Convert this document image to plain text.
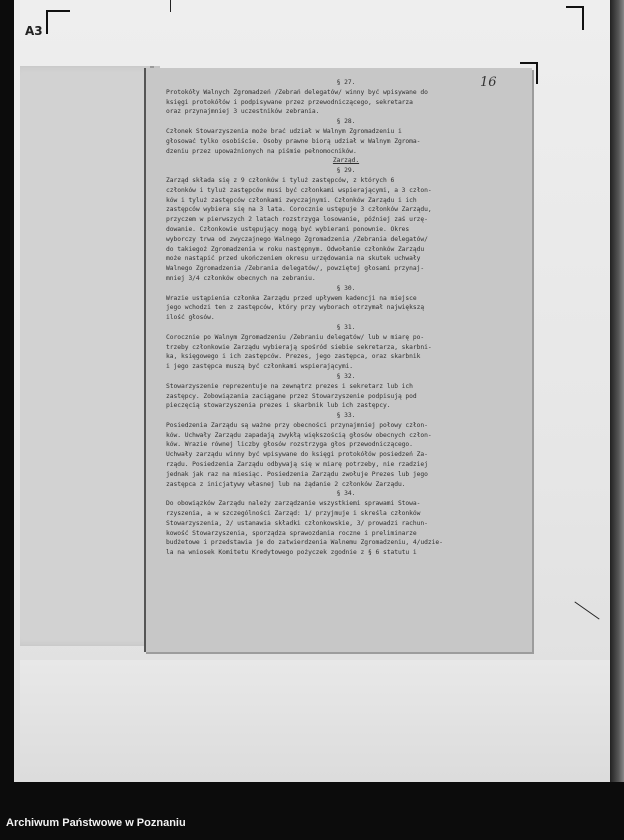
A3

§ 27.

Protokóły Walnych Zgromadzeń /Zebrań delegatów/ winny być wpisywane do

księgi protokółów i podpisywane przez przewodniczącego, sekretarza

oraz przynajmniej 3 uczestników zebrania.

§ 28.

Członek Stowarzyszenia może brać udział w Walnym Zgromadzeniu i

głosować tylko osobiście. Osoby prawne biorą udział w Walnym Zgroma-

dzeniu przez upoważnionych na piśmie pełnomocników.

Zarząd.

§ 29.

Zarząd składa się z 9 członków i tyluż zastępców, z których 6

członków i tyluż zastępców musi być członkami wspierającymi, a 3 człon-

ków i tyluż zastępców członkami zwyczajnymi. Członków Zarządu i ich

zastępców wybiera się na 3 lata. Corocznie ustępuje 3 członków Zarządu,

przyczem w pierwszych 2 latach rozstrzyga losowanie, później zaś urzę-

dowanie. Członkowie ustępujący mogą być wybierani ponownie. Okres

wyborczy trwa od zwyczajnego Walnego Zgromadzenia /Zebrania delegatów/

do takiegoż Zgromadzenia w roku następnym. Odwołanie członków Zarządu

może nastąpić przed ukończeniem okresu urzędowania na skutek uchwały

Walnego Zgromadzenia /Zebrania delegatów/, powziętej głosami przynaj-

mniej 3/4 członków obecnych na zebraniu.

§ 30.

Wrazie ustąpienia członka Zarządu przed upływem kadencji na miejsce

jego wchodzi ten z zastępców, który przy wyborach otrzymał największą

ilość głosów.

§ 31.

Corocznie po Walnym Zgromadzeniu /Zebraniu delegatów/ lub w miarę po-

trzeby członkowie Zarządu wybierają spośród siebie sekretarza, skarbni-

ka, księgowego i ich zastępców. Prezes, jego zastępca, oraz skarbnik

i jego zastępca muszą być członkami wspierającymi.

§ 32.

Stowarzyszenie reprezentuje na zewnątrz prezes i sekretarz lub ich

zastępcy. Zobowiązania zaciągane przez Stowarzyszenie podpisują pod

pieczęcią stowarzyszenia prezes i skarbnik lub ich zastępcy.

§ 33.

Posiedzenia Zarządu są ważne przy obecności przynajmniej połowy człon-

ków. Uchwały Zarządu zapadają zwykłą większością głosów obecnych człon-

ków. Wrazie równej liczby głosów rozstrzyga głos przewodniczącego.

Uchwały zarządu winny być wpisywane do księgi protokółów posiedzeń Za-

rządu. Posiedzenia Zarządu odbywają się w miarę potrzeby, nie rzadziej

jednak jak raz na miesiąc. Posiedzenia Zarządu zwołuje Prezes lub jego

zastępca z inicjatywy własnej lub na żądanie 2 członków Zarządu.

§ 34.

Do obowiązków Zarządu należy zarządzanie wszystkiemi sprawami Stowa-

rzyszenia, a w szczególności Zarząd: 1/ przyjmuje i skreśla członków

Stowarzyszenia, 2/ ustanawia składki członkowskie, 3/ prowadzi rachun-

kowość Stowarzyszenia, sporządza sprawozdania roczne i preliminarze

budżetowe i przedstawia je do zatwierdzenia Walnemu Zgromadzeniu, 4/udzie-

la na wniosek Komitetu Kredytowego pożyczek zgodnie z § 6 statutu i

16
Archiwum Państwowe w Poznaniu
